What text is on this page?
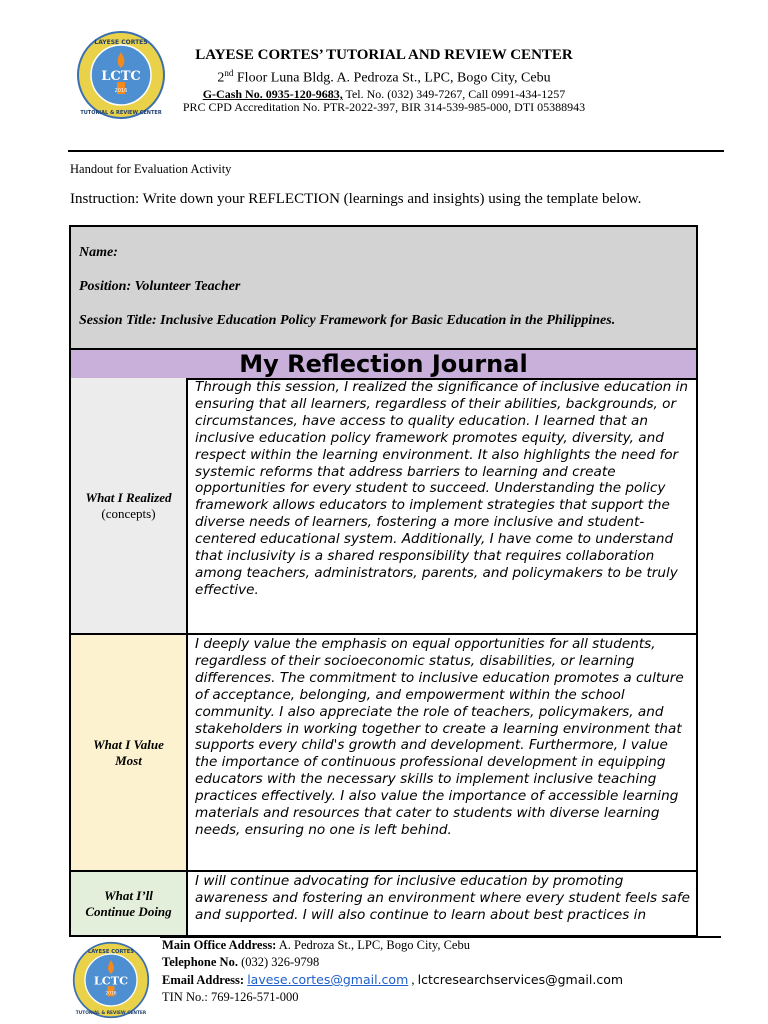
LCTC
2016
LAYESE CORTES
TUTORIAL & REVIEW CENTER
LAYESE CORTES’ TUTORIAL AND REVIEW CENTER
2nd Floor Luna Bldg. A. Pedroza St., LPC, Bogo City, Cebu
G-Cash No. 0935-120-9683, Tel. No. (032) 349-7267, Call 0991-434-1257
PRC CPD Accreditation No. PTR-2022-397, BIR 314-539-985-000, DTI 05388943
Handout for Evaluation Activity
Instruction: Write down your REFLECTION (learnings and insights) using the template below.
Name:
Position: Volunteer Teacher
Session Title: Inclusive Education Policy Framework for Basic Education in the Philippines.
My Reflection Journal
What I Realized
(concepts)
Through this session, I realized the significance of inclusive education in ensuring that all learners, regardless of their abilities, backgrounds, or circumstances, have access to quality education. I learned that an inclusive education policy framework promotes equity, diversity, and respect within the learning environment. It also highlights the need for systemic reforms that address barriers to learning and create opportunities for every student to succeed. Understanding the policy framework allows educators to implement strategies that support the diverse needs of learners, fostering a more inclusive and student-centered educational system. Additionally, I have come to understand that inclusivity is a shared responsibility that requires collaboration among teachers, administrators, parents, and policymakers to be truly effective.
What I Value Most
I deeply value the emphasis on equal opportunities for all students, regardless of their socioeconomic status, disabilities, or learning differences. The commitment to inclusive education promotes a culture of acceptance, belonging, and empowerment within the school community. I also appreciate the role of teachers, policymakers, and stakeholders in working together to create a learning environment that supports every child's growth and development. Furthermore, I value the importance of continuous professional development in equipping educators with the necessary skills to implement inclusive teaching practices effectively. I also value the importance of accessible learning materials and resources that cater to students with diverse learning needs, ensuring no one is left behind.
What I’ll Continue Doing
I will continue advocating for inclusive education by promoting awareness and fostering an environment where every student feels safe and supported. I will also continue to learn about best practices in
LCTC
2016
LAYESE CORTES
TUTORIAL & REVIEW CENTER
Main Office Address: A. Pedroza St., LPC, Bogo City, Cebu
Telephone No. (032) 326-9798
Email Address: lavese.cortes@gmail.com , lctcresearchservices@gmail.com
TIN No.: 769-126-571-000
